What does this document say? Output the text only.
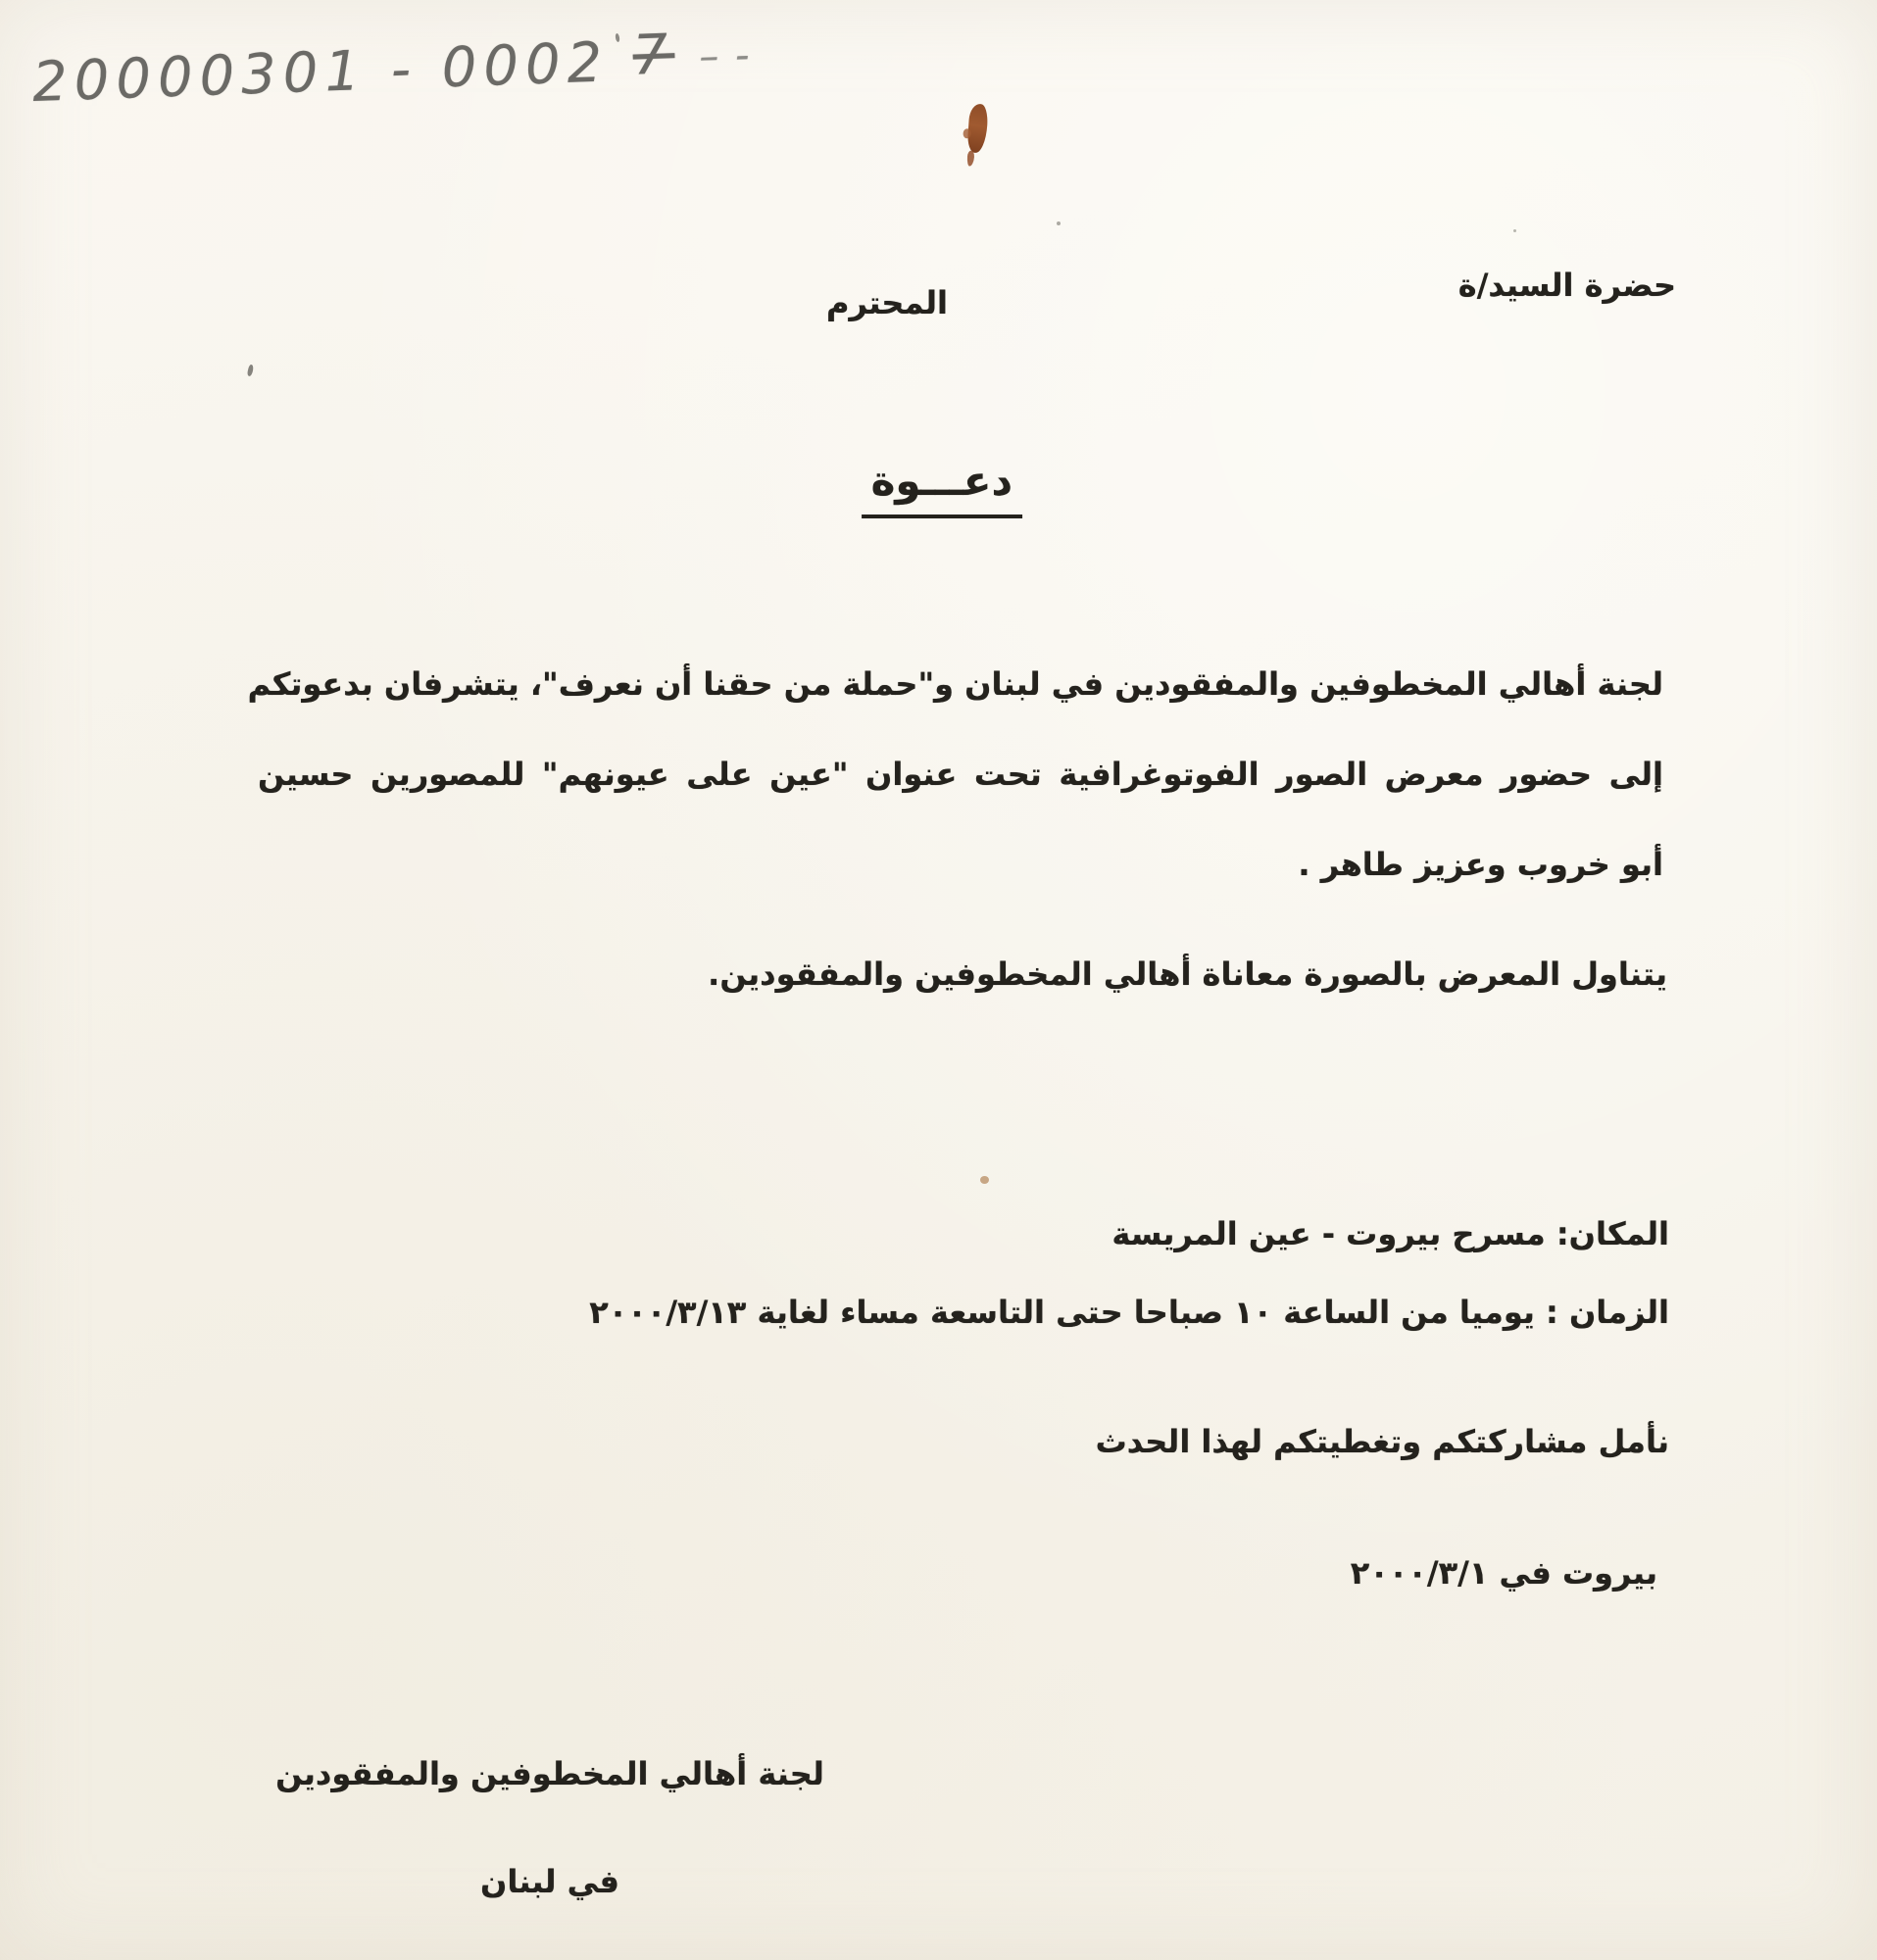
20000301 - 0002 7 – -
حضرة السيد/ة
المحترم
دعـــوة
لجنة أهالي المخطوفين والمفقودين في لبنان و"حملة من حقنا أن نعرف"، يتشرفان بدعوتكم
إلى حضور معرض الصور الفوتوغرافية تحت عنوان "عين على عيونهم" للمصورين حسين
أبو خروب وعزيز طاهر .
يتناول المعرض بالصورة معاناة أهالي المخطوفين والمفقودين.
المكان: مسرح بيروت - عين المريسة
الزمان : يوميا من الساعة ١٠ صباحا حتى التاسعة مساء لغاية ٢٠٠٠/٣/١٣
نأمل مشاركتكم وتغطيتكم لهذا الحدث
بيروت في ٢٠٠٠/٣/١
لجنة أهالي المخطوفين والمفقودين
في لبنان
